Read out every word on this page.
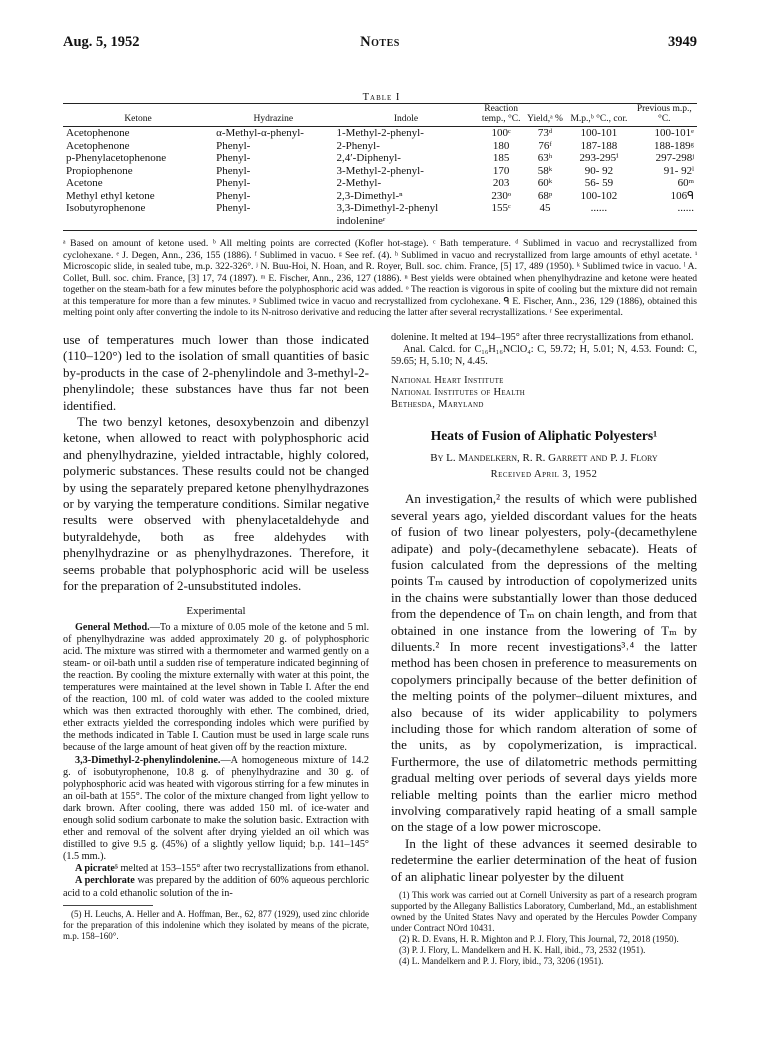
Aug. 5, 1952	Notes	3949
Table I
Ketone	Hydrazine	Indole	Reaction temp., °C.	Yield,ᵃ %	M.p.,ᵇ °C., cor.	Previous m.p., °C.
Acetophenone	α-Methyl-α-phenyl-	1-Methyl-2-phenyl-	100ᶜ	73ᵈ	100-101	100-101ᵉ
Acetophenone	Phenyl-	2-Phenyl-	180	76ᶠ	187-188	188-189ᵍ
p-Phenylacetophenone	Phenyl-	2,4′-Diphenyl-	185	63ʰ	293-295ⁱ	297-298ʲ
Propiophenone	Phenyl-	3-Methyl-2-phenyl-	170	58ᵏ	90- 92	91- 92ˡ
Acetone	Phenyl-	2-Methyl-	203	60ᵏ	56- 59	60ᵐ
Methyl ethyl ketone	Phenyl-	2,3-Dimethyl-ⁿ	230ᵒ	68ᵖ	100-102	106ᑫ
Isobutyrophenone	Phenyl-	3,3-Dimethyl-2-phenyl indolenineʳ	155ᶜ	45	......	......

ᵃ Based on amount of ketone used. ᵇ All melting points are corrected (Kofler hot-stage). ᶜ Bath temperature. ᵈ Sublimed in vacuo and recrystallized from cyclohexane. ᵉ J. Degen, Ann., 236, 155 (1886). ᶠ Sublimed in vacuo. ᵍ See ref. (4). ʰ Sublimed in vacuo and recrystallized from large amounts of ethyl acetate. ⁱ Microscopic slide, in sealed tube, m.p. 322-326°. ʲ N. Buu-Hoi, N. Hoan, and R. Royer, Bull. soc. chim. France, [5] 17, 489 (1950). ᵏ Sublimed twice in vacuo. ˡ A. Collet, Bull. soc. chim. France, [3] 17, 74 (1897). ᵐ E. Fischer, Ann., 236, 127 (1886). ⁿ Best yields were obtained when phenylhydrazine and ketone were heated together on the steam-bath for a few minutes before the polyphosphoric acid was added. ᵒ The reaction is vigorous in spite of cooling but the mixture did not remain at this temperature for more than a few minutes. ᵖ Sublimed twice in vacuo and recrystallized from cyclohexane. ᑫ E. Fischer, Ann., 236, 129 (1886), obtained this melting point only after converting the indole to its N-nitroso derivative and reducing the latter after several recrystallizations. ʳ See experimental.

use of temperatures much lower than those indicated (110–120°) led to the isolation of small quantities of basic by-products in the case of 2-phenylindole and 3-methyl-2-phenylindole; these substances have thus far not been identified.

The two benzyl ketones, desoxybenzoin and dibenzyl ketone, when allowed to react with polyphosphoric acid and phenylhydrazine, yielded intractable, highly colored, polymeric substances. These results could not be changed by using the separately prepared ketone phenylhydrazones or by varying the temperature conditions. Similar negative results were observed with phenylacetaldehyde and butyraldehyde, both as free aldehydes with phenylhydrazine or as phenylhydrazones. Therefore, it seems probable that polyphosphoric acid will be useless for the preparation of 2-unsubstituted indoles.

Experimental

General Method.—To a mixture of 0.05 mole of the ketone and 5 ml. of phenylhydrazine was added approximately 20 g. of polyphosphoric acid. The mixture was stirred with a thermometer and warmed gently on a steam- or oil-bath until a sudden rise of temperature indicated beginning of the reaction. By cooling the mixture externally with water at this point, the temperatures were maintained at the level shown in Table I. After the end of the reaction, 100 ml. of cold water was added to the cooled mixture which was then extracted thoroughly with ether. The combined, dried, ether extracts yielded the corresponding indoles which were purified by the methods indicated in Table I. Caution must be used in large scale runs because of the large amount of heat given off by the reaction mixture.

3,3-Dimethyl-2-phenylindolenine.—A homogeneous mixture of 14.2 g. of isobutyrophenone, 10.8 g. of phenylhydrazine and 30 g. of polyphosphoric acid was heated with vigorous stirring for a few minutes in an oil-bath at 155°. The color of the mixture changed from light yellow to dark brown. After cooling, there was added 150 ml. of ice-water and enough solid sodium carbonate to make the solution basic. Extraction with ether and removal of the solvent after drying yielded an oil which was distilled to give 9.5 g. (45%) of a slightly yellow liquid; b.p. 141–145° (1.5 mm.).

A picrate⁵ melted at 153–155° after two recrystallizations from ethanol.

A perchlorate was prepared by the addition of 60% aqueous perchloric acid to a cold ethanolic solution of the in-

(5) H. Leuchs, A. Heller and A. Hoffman, Ber., 62, 877 (1929), used zinc chloride for the preparation of this indolenine which they isolated by means of the picrate, m.p. 158–160°.

dolenine. It melted at 194–195° after three recrystallizations from ethanol.

Anal. Calcd. for C₁₆H₁₆NClO₄: C, 59.72; H, 5.01; N, 4.53. Found: C, 59.65; H, 5.10; N, 4.45.

National Heart Institute
National Institutes of Health
Bethesda, Maryland
Heats of Fusion of Aliphatic Polyesters¹
By L. Mandelkern, R. R. Garrett and P. J. Flory
Received April 3, 1952

An investigation,² the results of which were published several years ago, yielded discordant values for the heats of fusion of two linear polyesters, poly-(decamethylene adipate) and poly-(decamethylene sebacate). Heats of fusion calculated from the depressions of the melting points Tₘ caused by introduction of copolymerized units in the chains were substantially lower than those deduced from the dependence of Tₘ on chain length, and from that obtained in one instance from the lowering of Tₘ by diluents.² In more recent investigations³˒⁴ the latter method has been chosen in preference to measurements on copolymers principally because of the better definition of the melting points of the polymer–diluent mixtures, and also because of its wider applicability to polymers including those for which random alteration of some of the units, as by copolymerization, is impractical. Furthermore, the use of dilatometric methods permitting gradual melting over periods of several days yields more reliable melting points than the earlier micro method involving comparatively rapid heating of a small sample on the stage of a low power microscope.

In the light of these advances it seemed desirable to redetermine the earlier determination of the heat of fusion of an aliphatic linear polyester by the diluent

(1) This work was carried out at Cornell University as part of a research program supported by the Allegany Ballistics Laboratory, Cumberland, Md., an establishment owned by the United States Navy and operated by the Hercules Powder Company under Contract NOrd 10431.

(2) R. D. Evans, H. R. Mighton and P. J. Flory, This Journal, 72, 2018 (1950).

(3) P. J. Flory, L. Mandelkern and H. K. Hall, ibid., 73, 2532 (1951).

(4) L. Mandelkern and P. J. Flory, ibid., 73, 3206 (1951).
